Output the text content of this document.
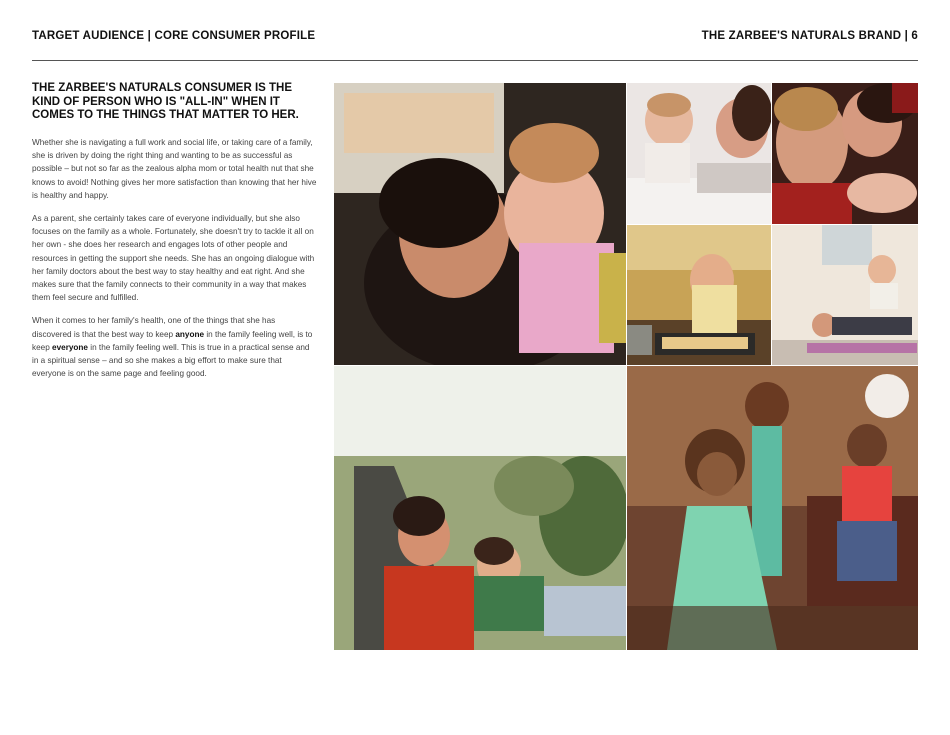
TARGET AUDIENCE | CORE CONSUMER PROFILE	THE ZARBEE'S NATURALS BRAND | 6
THE ZARBEE'S NATURALS CONSUMER IS THE KIND OF PERSON WHO IS "ALL-IN" WHEN IT COMES TO THE THINGS THAT MATTER TO HER.

Whether she is navigating a full work and social life, or taking care of a family, she is driven by doing the right thing and wanting to be as successful as possible – but not so far as the zealous alpha mom or total health nut that she knows to avoid! Nothing gives her more satisfaction than knowing that her hive is healthy and happy.

As a parent, she certainly takes care of everyone individually, but she also focuses on the family as a whole. Fortunately, she doesn't try to tackle it all on her own - she does her research and engages lots of other people and resources in getting the support she needs. She has an ongoing dialogue with her family doctors about the best way to stay healthy and eat right. And she makes sure that the family connects to their community in a way that makes them feel secure and fulfilled.

When it comes to her family's health, one of the things that she has discovered is that the best way to keep anyone in the family feeling well, is to keep everyone in the family feeling well. This is true in a practical sense and in a spiritual sense – and so she makes a big effort to make sure that everyone is on the same page and feeling good.
